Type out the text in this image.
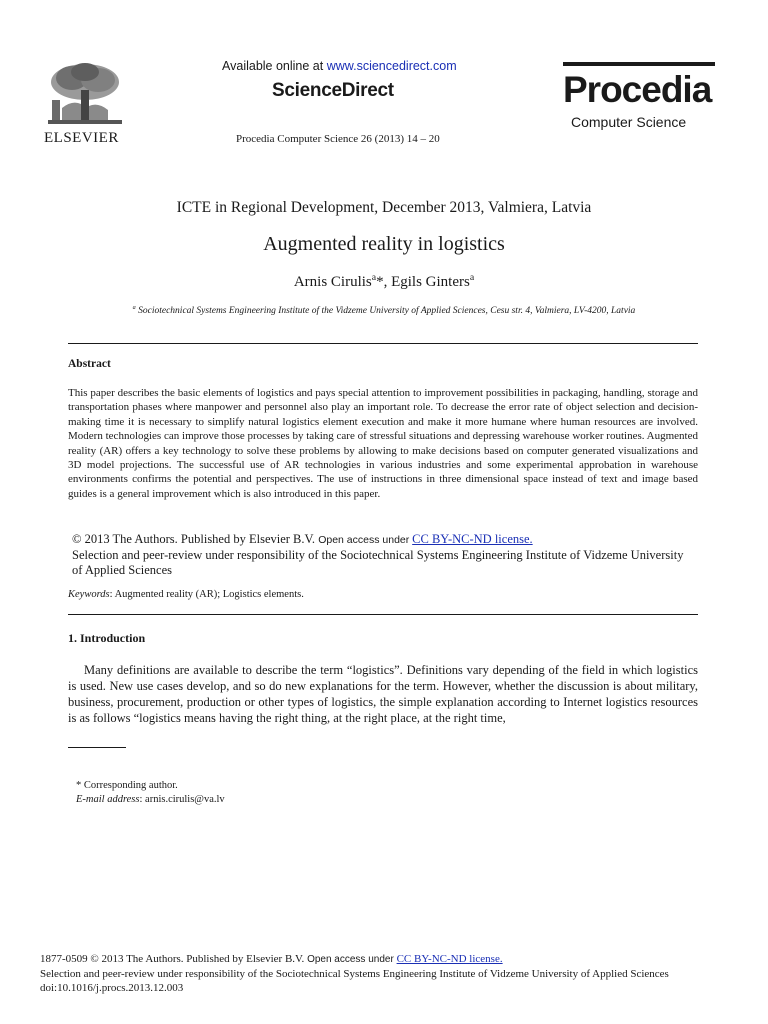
ELSEVIER
Available online at www.sciencedirect.com
ScienceDirect
Procedia Computer Science 26 (2013) 14 – 20
Procedia
Computer Science
ICTE in Regional Development, December 2013, Valmiera, Latvia
Augmented reality in logistics
Arnis Cirulis$^a$*, Egils Ginters$^a$
$^a$ Sociotechnical Systems Engineering Institute of the Vidzeme University of Applied Sciences, Cesu str. 4, Valmiera, LV-4200, Latvia
Abstract
This paper describes the basic elements of logistics and pays special attention to improvement possibilities in packaging, handling, storage and transportation phases where manpower and personnel also play an important role. To decrease the error rate of object selection and decision-making time it is necessary to simplify natural logistics element execution and make it more humane where human resources are involved. Modern technologies can improve those processes by taking care of stressful situations and depressing warehouse worker routines. Augmented reality (AR) offers a key technology to solve these problems by allowing to make decisions based on computer generated visualizations and 3D model projections. The successful use of AR technologies in various industries and some experimental approbation in warehouse environments confirms the potential and perspectives. The use of instructions in three dimensional space instead of text and image based guides is a general improvement which is also introduced in this paper.
© 2013 The Authors. Published by Elsevier B.V. Open access under CC BY-NC-ND license.
Selection and peer-review under responsibility of the Sociotechnical Systems Engineering Institute of Vidzeme University of Applied Sciences
Keywords: Augmented reality (AR); Logistics elements.
1. Introduction
Many definitions are available to describe the term “logistics”. Definitions vary depending of the field in which logistics is used. New use cases develop, and so do new explanations for the term. However, whether the discussion is about military, business, procurement, production or other types of logistics, the simple explanation according to Internet logistics resources is as follows “logistics means having the right thing, at the right place, at the right time,
* Corresponding author.
E-mail address: arnis.cirulis@va.lv
1877-0509 © 2013 The Authors. Published by Elsevier B.V. Open access under CC BY-NC-ND license.
Selection and peer-review under responsibility of the Sociotechnical Systems Engineering Institute of Vidzeme University of Applied Sciences
doi:10.1016/j.procs.2013.12.003
